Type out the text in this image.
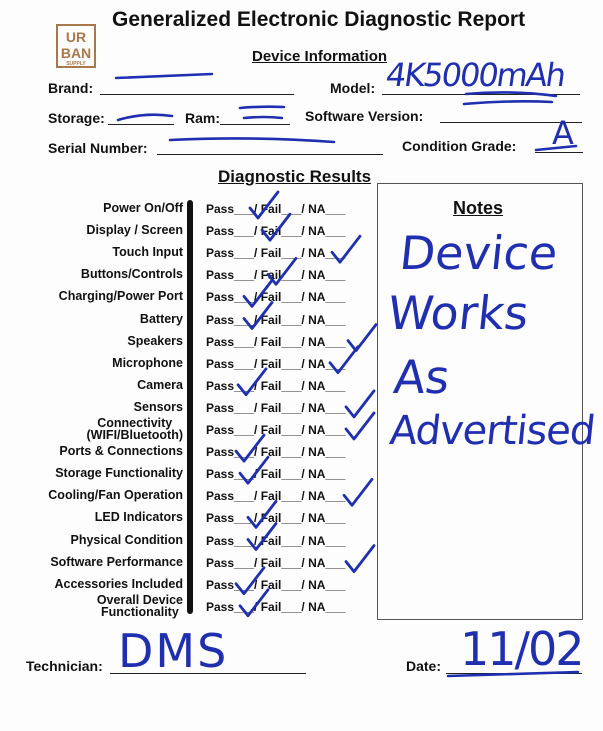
UR
BAN
SUPPLY
Generalized Electronic Diagnostic Report
Device Information
Brand:	Model: 4K5000mAh
Storage:	Ram:	Software Version:
Serial Number:	Condition Grade: A
Diagnostic Results
Power On/Off Pass___/ Fail___/ NA___
Display / Screen Pass___/ Fail___/ NA___
Touch Input Pass___/ Fail___/ NA___
Buttons/Controls Pass___/ Fail___/ NA___
Charging/Power Port Pass___/ Fail___/ NA___
Battery Pass___/ Fail___/ NA___
Speakers Pass___/ Fail___/ NA___
Microphone Pass___/ Fail___/ NA___
Camera Pass___/ Fail___/ NA___
Sensors Pass___/ Fail___/ NA___
Connectivity
(WIFI/Bluetooth) Pass___/ Fail___/ NA___
Ports & Connections Pass___/ Fail___/ NA___
Storage Functionality Pass___/ Fail___/ NA___
Cooling/Fan Operation Pass___/ Fail___/ NA___
LED Indicators Pass___/ Fail___/ NA___
Physical Condition Pass___/ Fail___/ NA___
Software Performance Pass___/ Fail___/ NA___
Accessories Included Pass___/ Fail___/ NA___
Overall Device
Functionality	Pass___/ Fail___/ NA___
Notes
Device
Works
As
Advertised
Technician: DMS	Date: 11/02
